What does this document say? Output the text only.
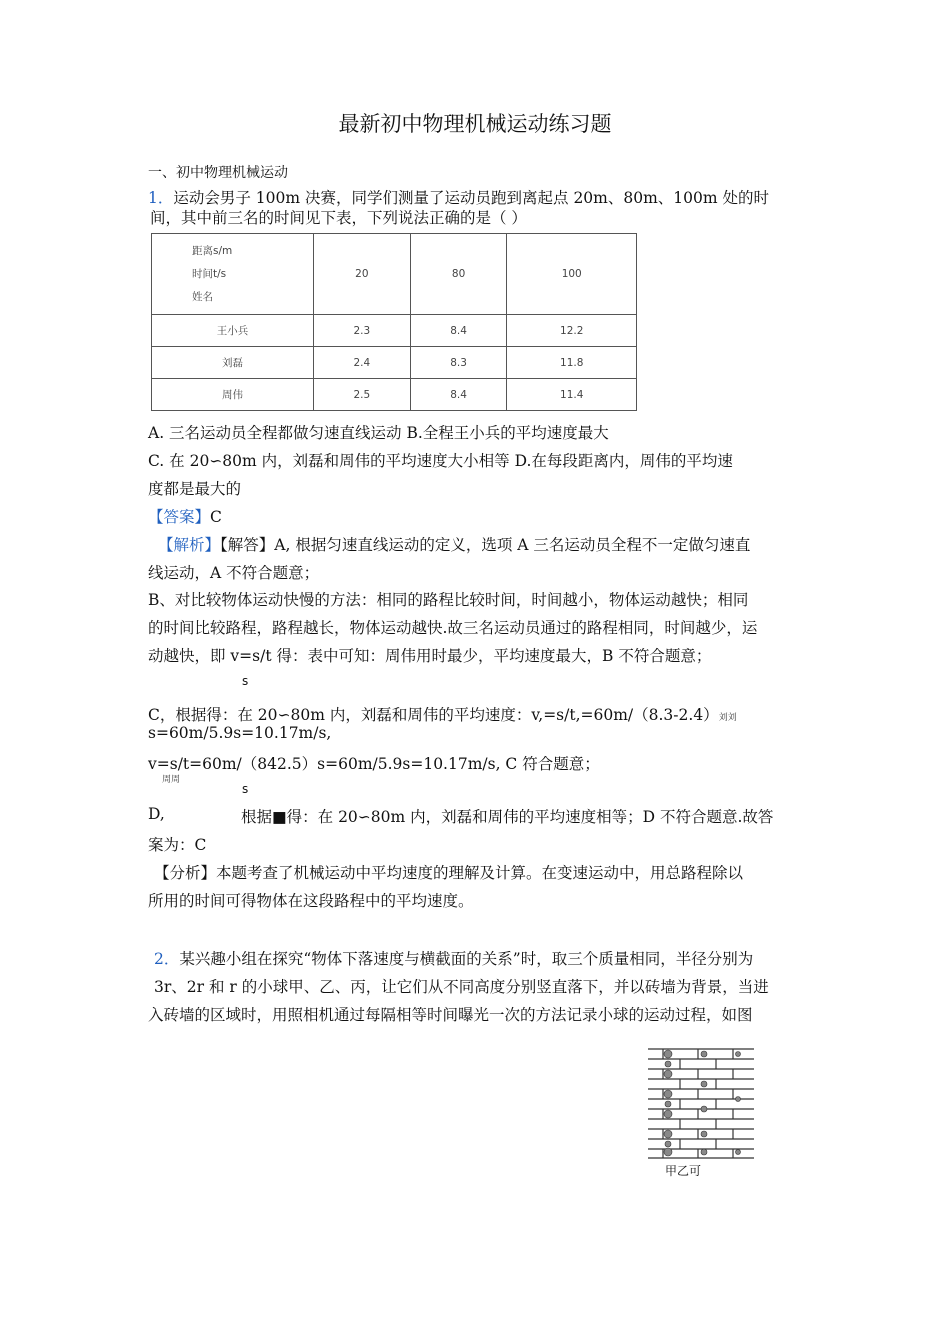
最新初中物理机械运动练习题
一、初中物理机械运动
1．运动会男子 100m 决赛，同学们测量了运动员跑到离起点 20m、80m、100m 处的时
间，其中前三名的时间见下表，下列说法正确的是（ ）
距离s/m
时间t/s
姓名	20	80	100
王小兵	2.3	8.4	12.2
刘磊	2.4	8.3	11.8
周伟	2.5	8.4	11.4
A. 三名运动员全程都做匀速直线运动 B.全程王小兵的平均速度最大
C. 在 20∽80m 内，刘磊和周伟的平均速度大小相等 D.在每段距离内，周伟的平均速
度都是最大的
【答案】C
【解析】【解答】A, 根据匀速直线运动的定义，选项 A 三名运动员全程不一定做匀速直
线运动，A 不符合题意；
B、对比较物体运动快慢的方法：相同的路程比较时间，时间越小，物体运动越快；相同
的时间比较路程，路程越长，物体运动越快.故三名运动员通过的路程相同，时间越少，运
动越快，即 v=s/t 得：表中可知：周伟用时最少，平均速度最大，B 不符合题意；
s
C，根据得：在 20∽80m 内，刘磊和周伟的平均速度：v,=s/t,=60m/（8.3-2.4）刘刘
s=60m/5.9s=10.17m/s,
v=s/t=60m/（842.5）s=60m/5.9s=10.17m/s, C 符合题意；
周周
s
D,	根据■得：在 20∽80m 内，刘磊和周伟的平均速度相等；D 不符合题意.故答
案为：C
【分析】本题考查了机械运动中平均速度的理解及计算。在变速运动中，用总路程除以
所用的时间可得物体在这段路程中的平均速度。
2．某兴趣小组在探究“物体下落速度与横截面的关系”时，取三个质量相同，半径分别为
3r、2r 和 r 的小球甲、乙、丙，让它们从不同高度分别竖直落下，并以砖墙为背景，当进
入砖墙的区域时，用照相机通过每隔相等时间曝光一次的方法记录小球的运动过程，如图
甲乙可
